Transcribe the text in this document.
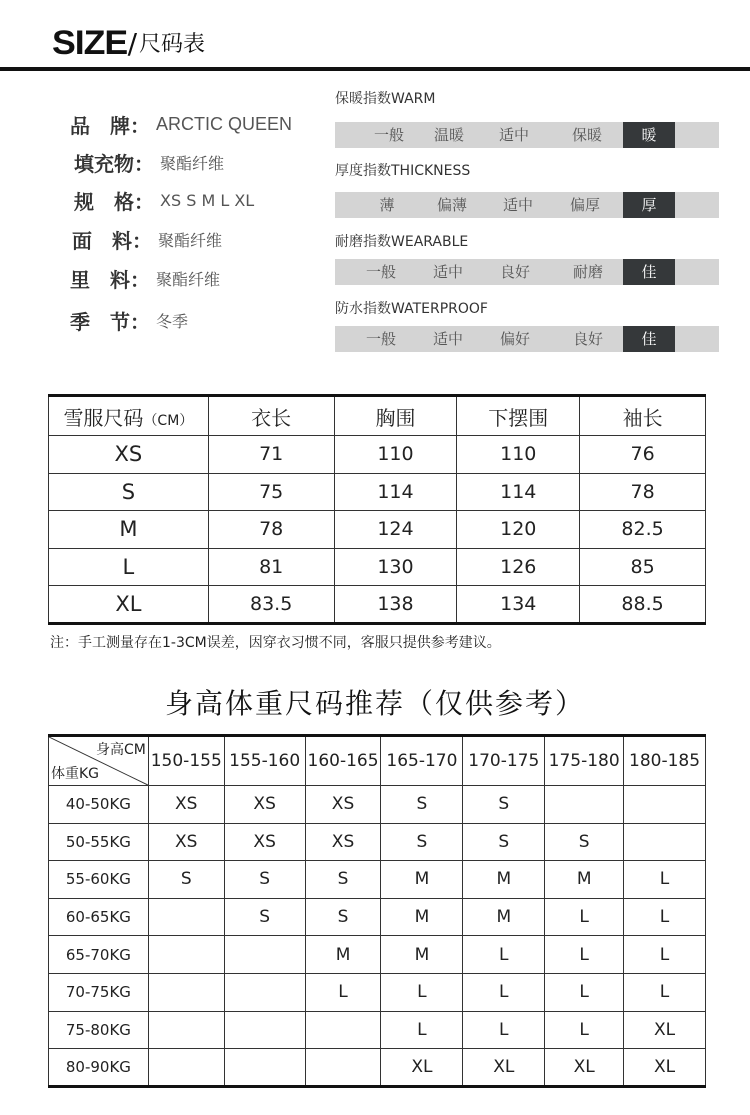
SIZE / 尺码表
品　牌： ARCTIC QUEEN
填充物： 聚酯纤维
规　格： XS S M L XL
面　料： 聚酯纤维
里　料： 聚酯纤维
季　节： 冬季
保暖指数WARM
一般	温暖	适中	保暖	暖
厚度指数THICKNESS
薄	偏薄	适中	偏厚	厚
耐磨指数WEARABLE
一般	适中	良好	耐磨	佳
防水指数WATERPROOF
一般	适中	偏好	良好	佳
雪服尺码（CM）	衣长	胸围	下摆围	袖长
XS	71	110	110	76
S	75	114	114	78
M	78	124	120	82.5
L	81	130	126	85
XL	83.5	138	134	88.5
注：手工测量存在1-3CM误差，因穿衣习惯不同，客服只提供参考建议。
身高体重尺码推荐（仅供参考）
身高CM
体重KG	150-155	155-160	160-165	165-170	170-175	175-180	180-185
40-50KG	XS	XS	XS	S	S		
50-55KG	XS	XS	XS	S	S	S	
55-60KG	S	S	S	M	M	M	L
60-65KG		S	S	M	M	L	L
65-70KG			M	M	L	L	L
70-75KG			L	L	L	L	L
75-80KG				L	L	L	XL
80-90KG				XL	XL	XL	XL
